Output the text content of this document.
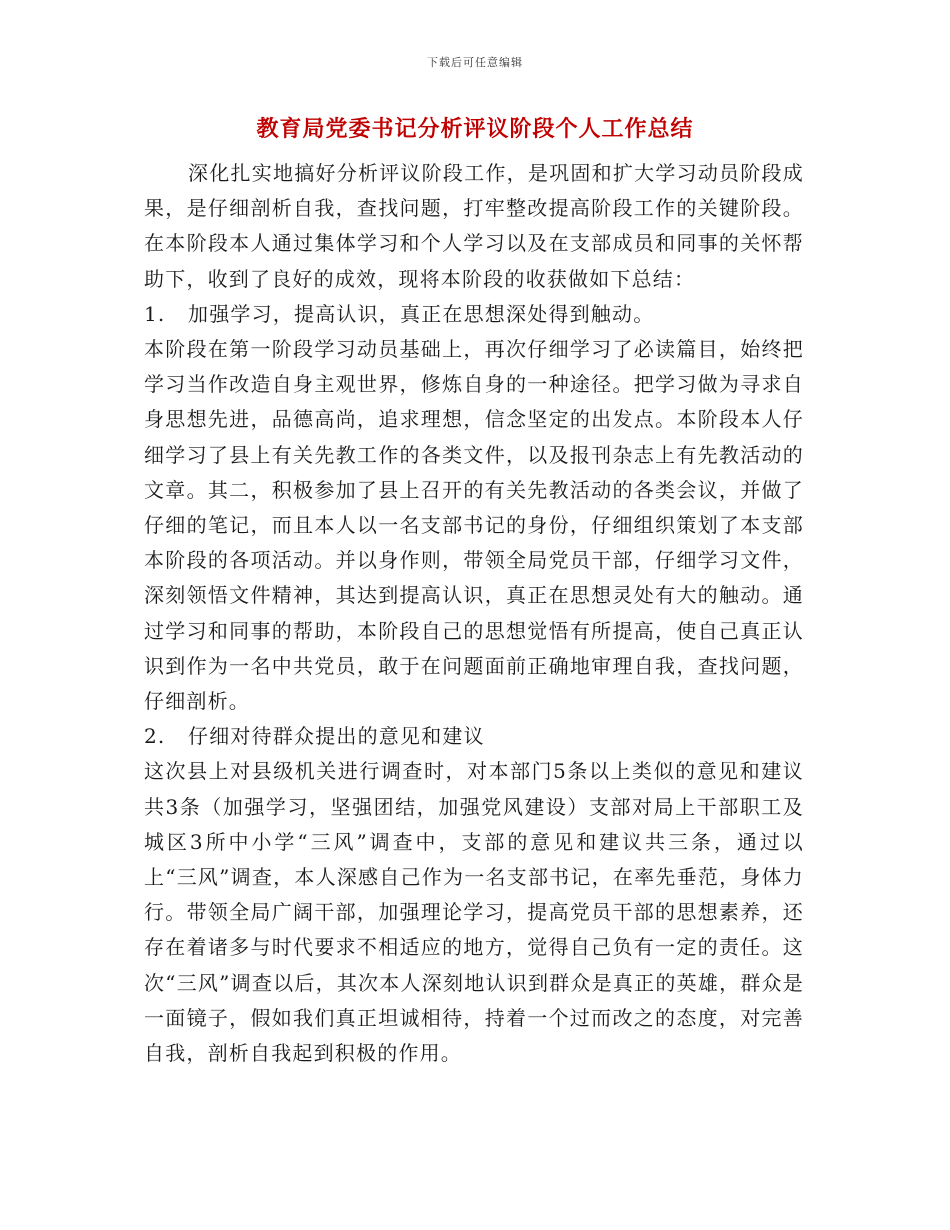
下载后可任意编辑
教育局党委书记分析评议阶段个人工作总结

深化扎实地搞好分析评议阶段工作，是巩固和扩大学习动员阶段成果，是仔细剖析自我，查找问题，打牢整改提高阶段工作的关键阶段。在本阶段本人通过集体学习和个人学习以及在支部成员和同事的关怀帮助下，收到了良好的成效，现将本阶段的收获做如下总结：

1. 加强学习，提高认识，真正在思想深处得到触动。

本阶段在第一阶段学习动员基础上，再次仔细学习了必读篇目，始终把学习当作改造自身主观世界，修炼自身的一种途径。把学习做为寻求自身思想先进，品德高尚，追求理想，信念坚定的出发点。本阶段本人仔细学习了县上有关先教工作的各类文件，以及报刊杂志上有先教活动的文章。其二，积极参加了县上召开的有关先教活动的各类会议，并做了仔细的笔记，而且本人以一名支部书记的身份，仔细组织策划了本支部本阶段的各项活动。并以身作则，带领全局党员干部，仔细学习文件，深刻领悟文件精神，其达到提高认识，真正在思想灵处有大的触动。通过学习和同事的帮助，本阶段自己的思想觉悟有所提高，使自己真正认识到作为一名中共党员，敢于在问题面前正确地审理自我，查找问题，仔细剖析。

2. 仔细对待群众提出的意见和建议

这次县上对县级机关进行调查时，对本部门5条以上类似的意见和建议共3条（加强学习，坚强团结，加强党风建设）支部对局上干部职工及城区3所中小学“三风”调查中，支部的意见和建议共三条，通过以上“三风”调查，本人深感自己作为一名支部书记，在率先垂范，身体力行。带领全局广阔干部，加强理论学习，提高党员干部的思想素养，还存在着诸多与时代要求不相适应的地方，觉得自己负有一定的责任。这次“三风”调查以后，其次本人深刻地认识到群众是真正的英雄，群众是一面镜子，假如我们真正坦诚相待，持着一个过而改之的态度，对完善自我，剖析自我起到积极的作用。
